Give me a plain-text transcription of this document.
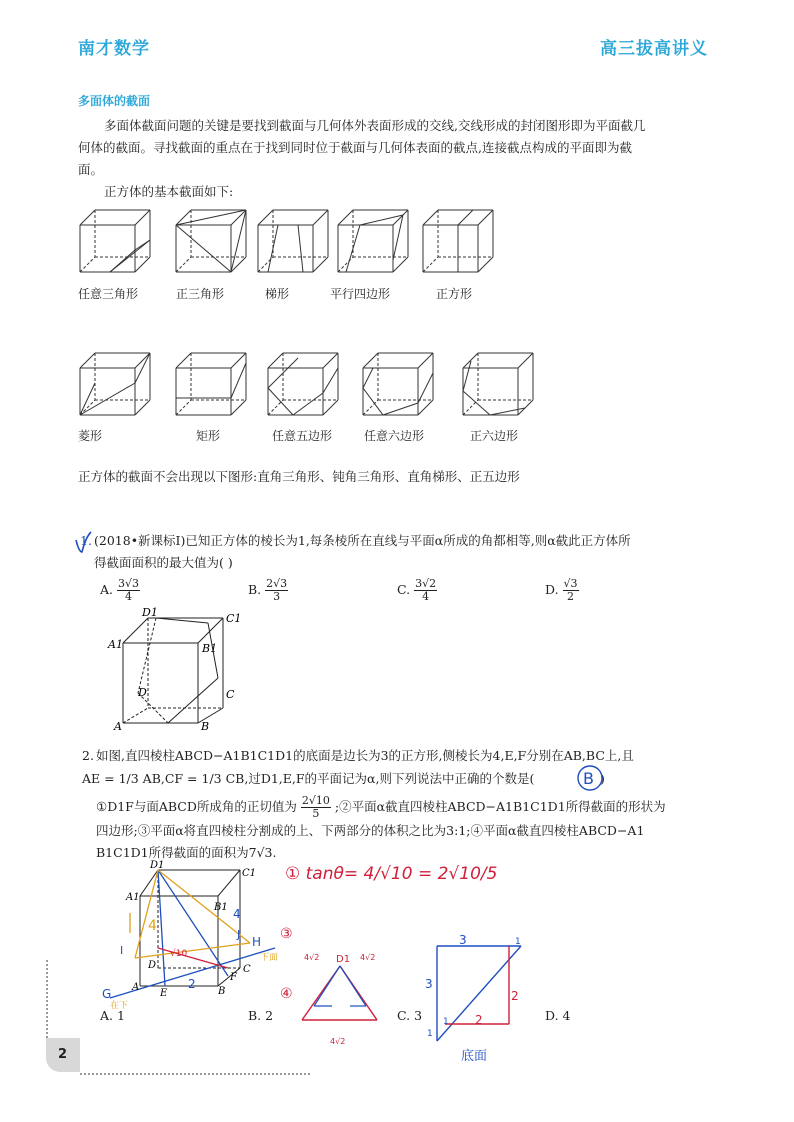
南才数学	高三拔高讲义
多面体的截面
多面体截面问题的关键是要找到截面与几何体外表面形成的交线,交线形成的封闭图形即为平面截几
何体的截面。寻找截面的重点在于找到同时位于截面与几何体表面的截点,连接截点构成的平面即为截
面。
正方体的基本截面如下:
任意三角形	正三角形	梯形	平行四边形	正方形
菱形	矩形	任意五边形	任意六边形	正六边形
正方体的截面不会出现以下图形:直角三角形、钝角三角形、直角梯形、正五边形
1. (2018•新课标I)已知正方体的棱长为1,每条棱所在直线与平面α所成的角都相等,则α截此正方体所
得截面面积的最大值为( )
A. $\frac{3√3}{4}$	B. $\frac{2√3}{3}$	C. $\frac{3√2}{4}$	D. $\frac{√3}{2}$
D1	C1
A1	B1
D	C
A	B
2. 如图,直四棱柱ABCD−A1B1C1D1的底面是边长为3的正方形,侧棱长为4,E,F分别在AB,BC上,且
AE = 1/3 AB,CF = 1/3 CB,过D1,E,F的平面记为α,则下列说法中正确的个数是(	)
①D1F与面ABCD所成角的正切值为 $\frac{2√10}{5}$ ;②平面α截直四棱柱ABCD−A1B1C1D1所得截面的形状为
四边形;③平面α将直四棱柱分割成的上、下两部分的体积之比为3:1;④平面α截直四棱柱ABCD−A1
B1C1D1所得截面的面积为7√3.
B
① tanθ= 4/√10 = 2√10/5
D1
C1
A1
B1
D	C
A	B
E
F
4
4
G
H
I
J
下面
在下
√10
2
③
④
4√2	4√2
D1
4√2
3
3
2
1
1
1 2
底面
A. 1	B. 2	C. 3	D. 4
2
